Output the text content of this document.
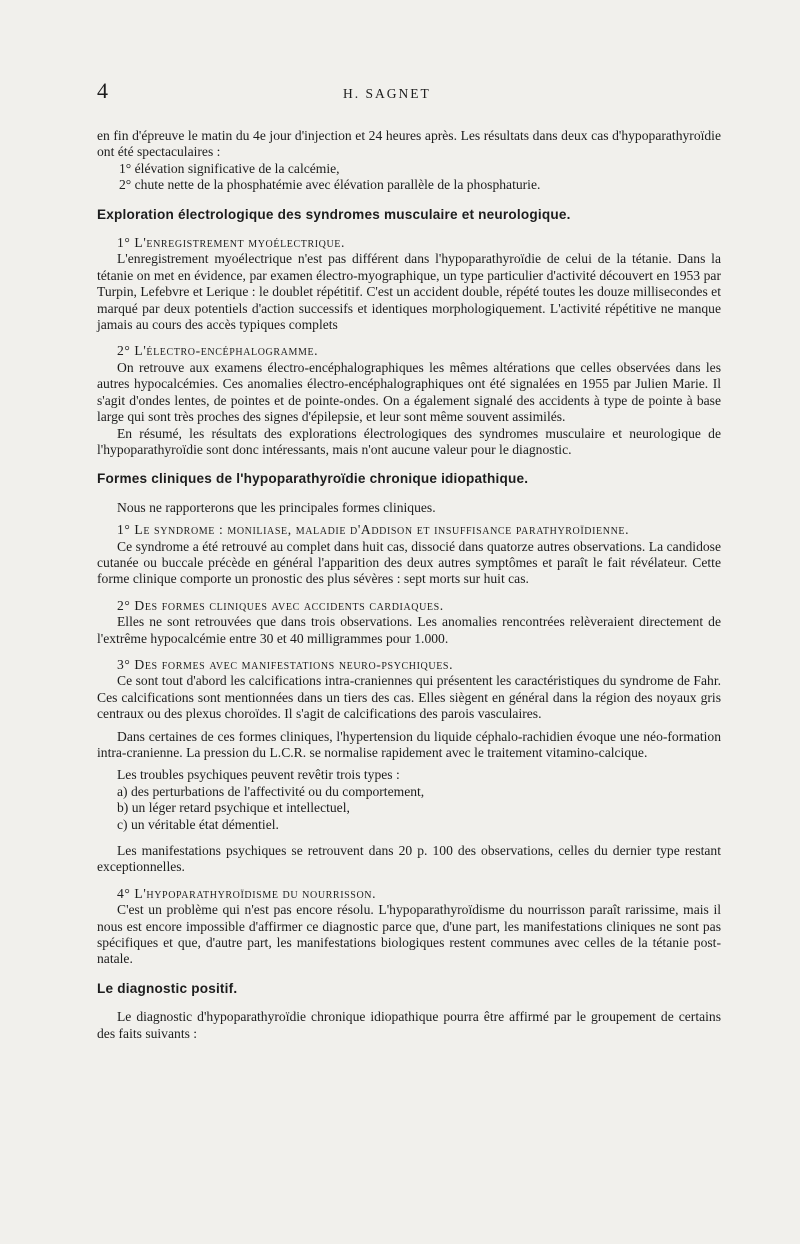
4	H. SAGNET

en fin d'épreuve le matin du 4e jour d'injection et 24 heures après. Les résultats dans deux cas d'hypoparathyroïdie ont été spectaculaires :

1° élévation significative de la calcémie,

2° chute nette de la phosphatémie avec élévation parallèle de la phosphaturie.

Exploration électrologique des syndromes musculaire et neurologique.

1° L'enregistrement myoélectrique.

L'enregistrement myoélectrique n'est pas différent dans l'hypoparathyroïdie de celui de la tétanie. Dans la tétanie on met en évidence, par examen électro-myographique, un type particulier d'activité découvert en 1953 par Turpin, Lefebvre et Lerique : le doublet répétitif. C'est un accident double, répété toutes les douze millisecondes et marqué par deux potentiels d'action successifs et identiques morphologiquement. L'activité répétitive ne manque jamais au cours des accès typiques complets

2° L'électro-encéphalogramme.

On retrouve aux examens électro-encéphalographiques les mêmes altérations que celles observées dans les autres hypocalcémies. Ces anomalies électro-encéphalographiques ont été signalées en 1955 par Julien Marie. Il s'agit d'ondes lentes, de pointes et de pointe-ondes. On a également signalé des accidents à type de pointe à base large qui sont très proches des signes d'épilepsie, et leur sont même souvent assimilés.

En résumé, les résultats des explorations électrologiques des syndromes musculaire et neurologique de l'hypoparathyroïdie sont donc intéressants, mais n'ont aucune valeur pour le diagnostic.

Formes cliniques de l'hypoparathyroïdie chronique idiopathique.

Nous ne rapporterons que les principales formes cliniques.

1° Le syndrome : moniliase, maladie d'Addison et insuffisance parathyroïdienne.

Ce syndrome a été retrouvé au complet dans huit cas, dissocié dans quatorze autres observations. La candidose cutanée ou buccale précède en général l'apparition des deux autres symptômes et paraît le fait révélateur. Cette forme clinique comporte un pronostic des plus sévères : sept morts sur huit cas.

2° Des formes cliniques avec accidents cardiaques.

Elles ne sont retrouvées que dans trois observations. Les anomalies rencontrées relèveraient directement de l'extrême hypocalcémie entre 30 et 40 milligrammes pour 1.000.

3° Des formes avec manifestations neuro-psychiques.

Ce sont tout d'abord les calcifications intra-craniennes qui présentent les caractéristiques du syndrome de Fahr. Ces calcifications sont mentionnées dans un tiers des cas. Elles siègent en général dans la région des noyaux gris centraux ou des plexus choroïdes. Il s'agit de calcifications des parois vasculaires.

Dans certaines de ces formes cliniques, l'hypertension du liquide céphalo-rachidien évoque une néo-formation intra-cranienne. La pression du L.C.R. se normalise rapidement avec le traitement vitamino-calcique.

Les troubles psychiques peuvent revêtir trois types :

a) des perturbations de l'affectivité ou du comportement,

b) un léger retard psychique et intellectuel,

c) un véritable état démentiel.

Les manifestations psychiques se retrouvent dans 20 p. 100 des observations, celles du dernier type restant exceptionnelles.

4° L'hypoparathyroïdisme du nourrisson.

C'est un problème qui n'est pas encore résolu. L'hypoparathyroïdisme du nourrisson paraît rarissime, mais il nous est encore impossible d'affirmer ce diagnostic parce que, d'une part, les manifestations cliniques ne sont pas spécifiques et que, d'autre part, les manifestations biologiques restent communes avec celles de la tétanie post-natale.

Le diagnostic positif.

Le diagnostic d'hypoparathyroïdie chronique idiopathique pourra être affirmé par le groupement de certains des faits suivants :
